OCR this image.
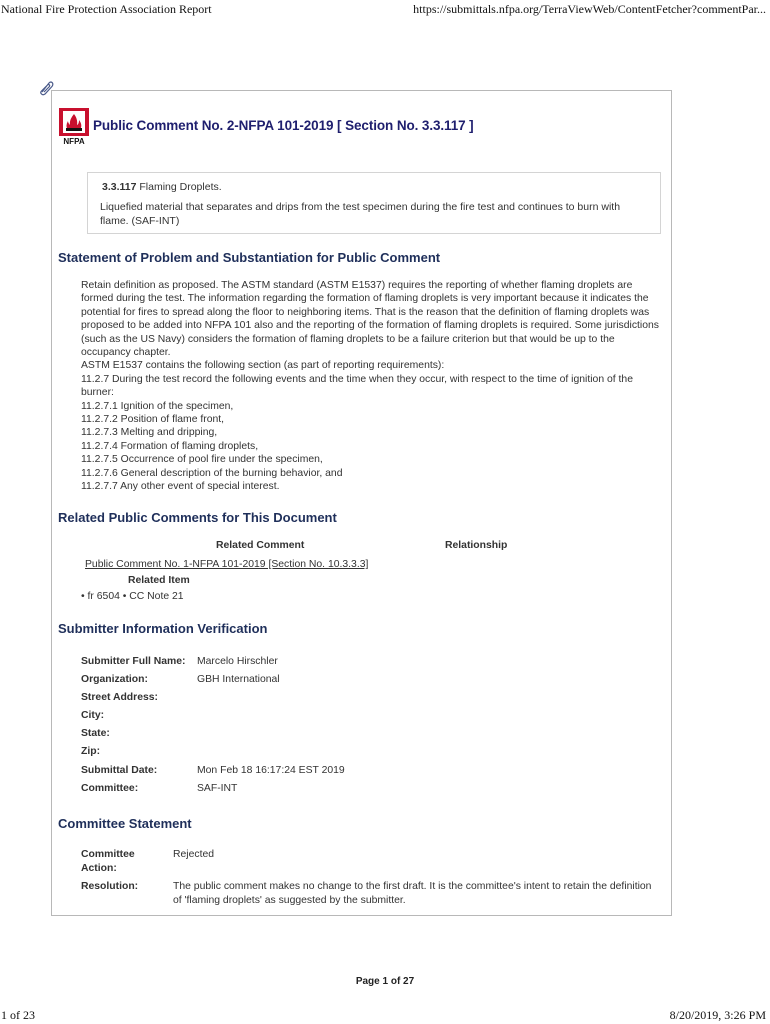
National Fire Protection Association Report	https://submittals.nfpa.org/TerraViewWeb/ContentFetcher?commentPar...
NFPA
Public Comment No. 2-NFPA 101-2019 [ Section No. 3.3.117 ]
3.3.117 Flaming Droplets.
Liquefied material that separates and drips from the test specimen during the fire test and continues to burn with flame. (SAF-INT)
Statement of Problem and Substantiation for Public Comment
Retain definition as proposed. The ASTM standard (ASTM E1537) requires the reporting of whether flaming droplets are formed during the test. The information regarding the formation of flaming droplets is very important because it indicates the potential for fires to spread along the floor to neighboring items. That is the reason that the definition of flaming droplets was proposed to be added into NFPA 101 also and the reporting of the formation of flaming droplets is required. Some jurisdictions (such as the US Navy) considers the formation of flaming droplets to be a failure criterion but that would be up to the occupancy chapter.
ASTM E1537 contains the following section (as part of reporting requirements):
11.2.7 During the test record the following events and the time when they occur, with respect to the time of ignition of the burner:
11.2.7.1 Ignition of the specimen,
11.2.7.2 Position of flame front,
11.2.7.3 Melting and dripping,
11.2.7.4 Formation of flaming droplets,
11.2.7.5 Occurrence of pool fire under the specimen,
11.2.7.6 General description of the burning behavior, and
11.2.7.7 Any other event of special interest.
Related Public Comments for This Document
Related Comment	Relationship
Public Comment No. 1-NFPA 101-2019 [Section No. 10.3.3.3]
Related Item
• fr 6504 • CC Note 21
Submitter Information Verification
Submitter Full Name: Marcelo Hirschler
Organization:	GBH International
Street Address:
City:
State:
Zip:
Submittal Date:	Mon Feb 18 16:17:24 EST 2019
Committee:	SAF-INT
Committee Statement
Committee Action:
Rejected
Resolution:	The public comment makes no change to the first draft. It is the committee's intent to retain the definition of 'flaming droplets' as suggested by the submitter.
Page 1 of 27
1 of 23	8/20/2019, 3:26 PM
